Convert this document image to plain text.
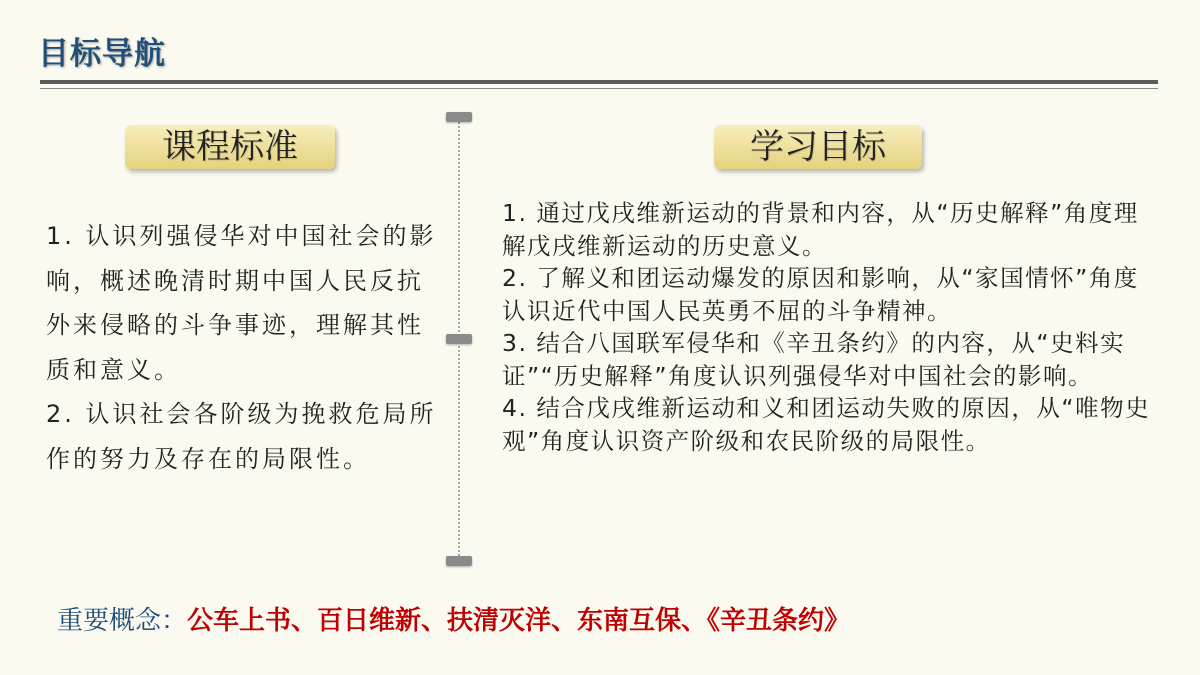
目标导航
课程标准	学习目标

1. 认识列强侵华对中国社会的影响，概述晚清时期中国人民反抗外来侵略的斗争事迹，理解其性质和意义。

2. 认识社会各阶级为挽救危局所作的努力及存在的局限性。

1. 通过戊戌维新运动的背景和内容，从“历史解释”角度理解戊戌维新运动的历史意义。

2. 了解义和团运动爆发的原因和影响，从“家国情怀”角度认识近代中国人民英勇不屈的斗争精神。

3. 结合八国联军侵华和《辛丑条约》的内容，从“史料实证”“历史解释”角度认识列强侵华对中国社会的影响。

4. 结合戊戌维新运动和义和团运动失败的原因，从“唯物史观”角度认识资产阶级和农民阶级的局限性。

重要概念：公车上书、百日维新、扶清灭洋、东南互保、《辛丑条约》
